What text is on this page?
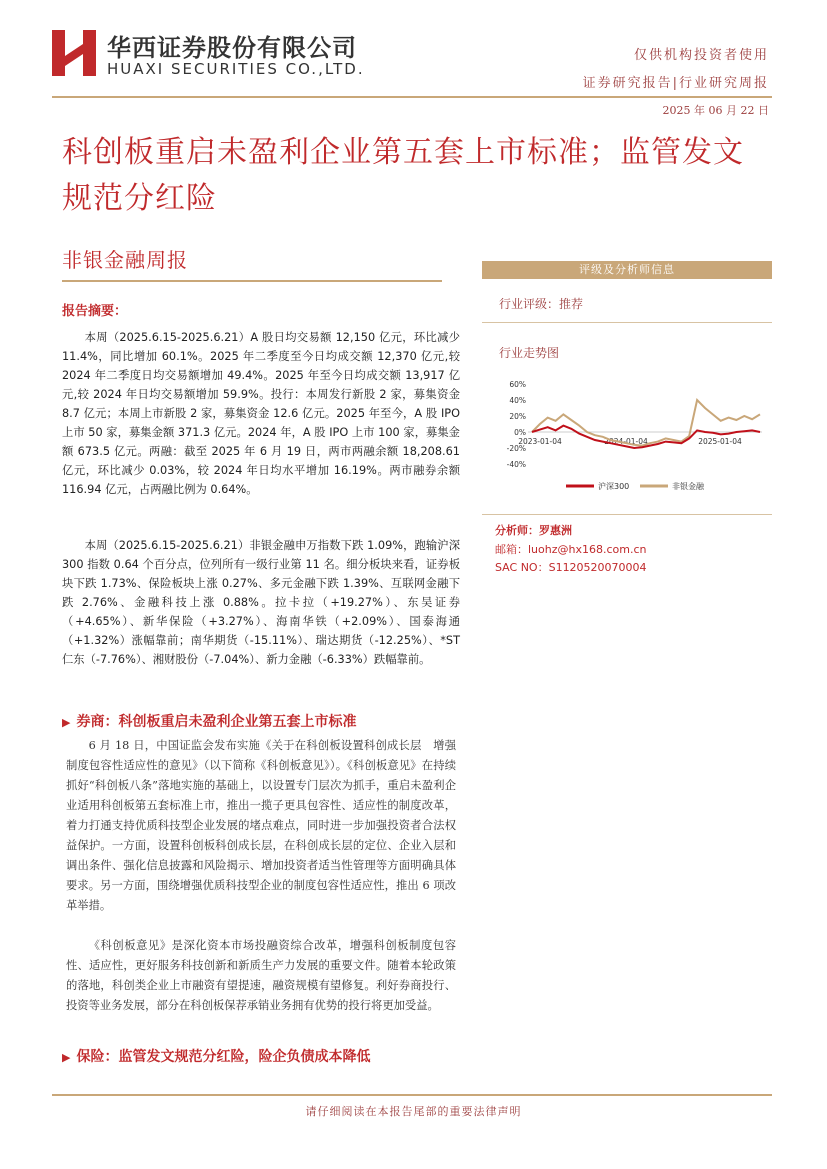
华西证券股份有限公司
HUAXI SECURITIES CO.,LTD.
仅供机构投资者使用
证券研究报告|行业研究周报
2025 年 06 月 22 日
科创板重启未盈利企业第五套上市标准；监管发文规范分红险
非银金融周报
报告摘要：
本周（2025.6.15-2025.6.21）A 股日均交易额 12,150 亿元，环比减少 11.4%，同比增加 60.1%。2025 年二季度至今日均成交额 12,370 亿元,较 2024 年二季度日均交易额增加 49.4%。2025 年至今日均成交额 13,917 亿元,较 2024 年日均交易额增加 59.9%。投行：本周发行新股 2 家，募集资金 8.7 亿元；本周上市新股 2 家，募集资金 12.6 亿元。2025 年至今，A 股 IPO 上市 50 家，募集金额 371.3 亿元。2024 年，A 股 IPO 上市 100 家，募集金额 673.5 亿元。两融：截至 2025 年 6 月 19 日，两市两融余额 18,208.61 亿元，环比减少 0.03%，较 2024 年日均水平增加 16.19%。两市融券余额 116.94 亿元，占两融比例为 0.64%。
本周（2025.6.15-2025.6.21）非银金融申万指数下跌 1.09%，跑输沪深 300 指数 0.64 个百分点，位列所有一级行业第 11 名。细分板块来看，证券板块下跌 1.73%、保险板块上涨 0.27%、多元金融下跌 1.39%、互联网金融下跌 2.76%、金融科技上涨 0.88%。拉卡拉（+19.27%）、东吴证券（+4.65%）、新华保险（+3.27%）、海南华铁（+2.09%）、国泰海通（+1.32%）涨幅靠前；南华期货（-15.11%）、瑞达期货（-12.25%）、*ST 仁东（-7.76%）、湘财股份（-7.04%）、新力金融（-6.33%）跌幅靠前。
▶ 券商：科创板重启未盈利企业第五套上市标准
6 月 18 日，中国证监会发布实施《关于在科创板设置科创成长层　增强制度包容性适应性的意见》（以下简称《科创板意见》）。《科创板意见》在持续抓好“科创板八条”落地实施的基础上，以设置专门层次为抓手，重启未盈利企业适用科创板第五套标准上市，推出一揽子更具包容性、适应性的制度改革，着力打通支持优质科技型企业发展的堵点难点，同时进一步加强投资者合法权益保护。一方面，设置科创板科创成长层，在科创成长层的定位、企业入层和调出条件、强化信息披露和风险揭示、增加投资者适当性管理等方面明确具体要求。另一方面，围绕增强优质科技型企业的制度包容性适应性，推出 6 项改革举措。
《科创板意见》是深化资本市场投融资综合改革，增强科创板制度包容性、适应性，更好服务科技创新和新质生产力发展的重要文件。随着本轮政策的落地，科创类企业上市融资有望提速，融资规模有望修复。利好券商投行、投资等业务发展，部分在科创板保荐承销业务拥有优势的投行将更加受益。
▶ 保险：监管发文规范分红险，险企负债成本降低
评级及分析师信息
行业评级：推荐
行业走势图
60%
40%
20%
0%
-20%
-40%
2023-01-04	2024-01-04	2025-01-04
沪深300	非银金融
分析师：罗惠洲
邮箱：luohz@hx168.com.cn
SAC NO：S1120520070004
请仔细阅读在本报告尾部的重要法律声明
